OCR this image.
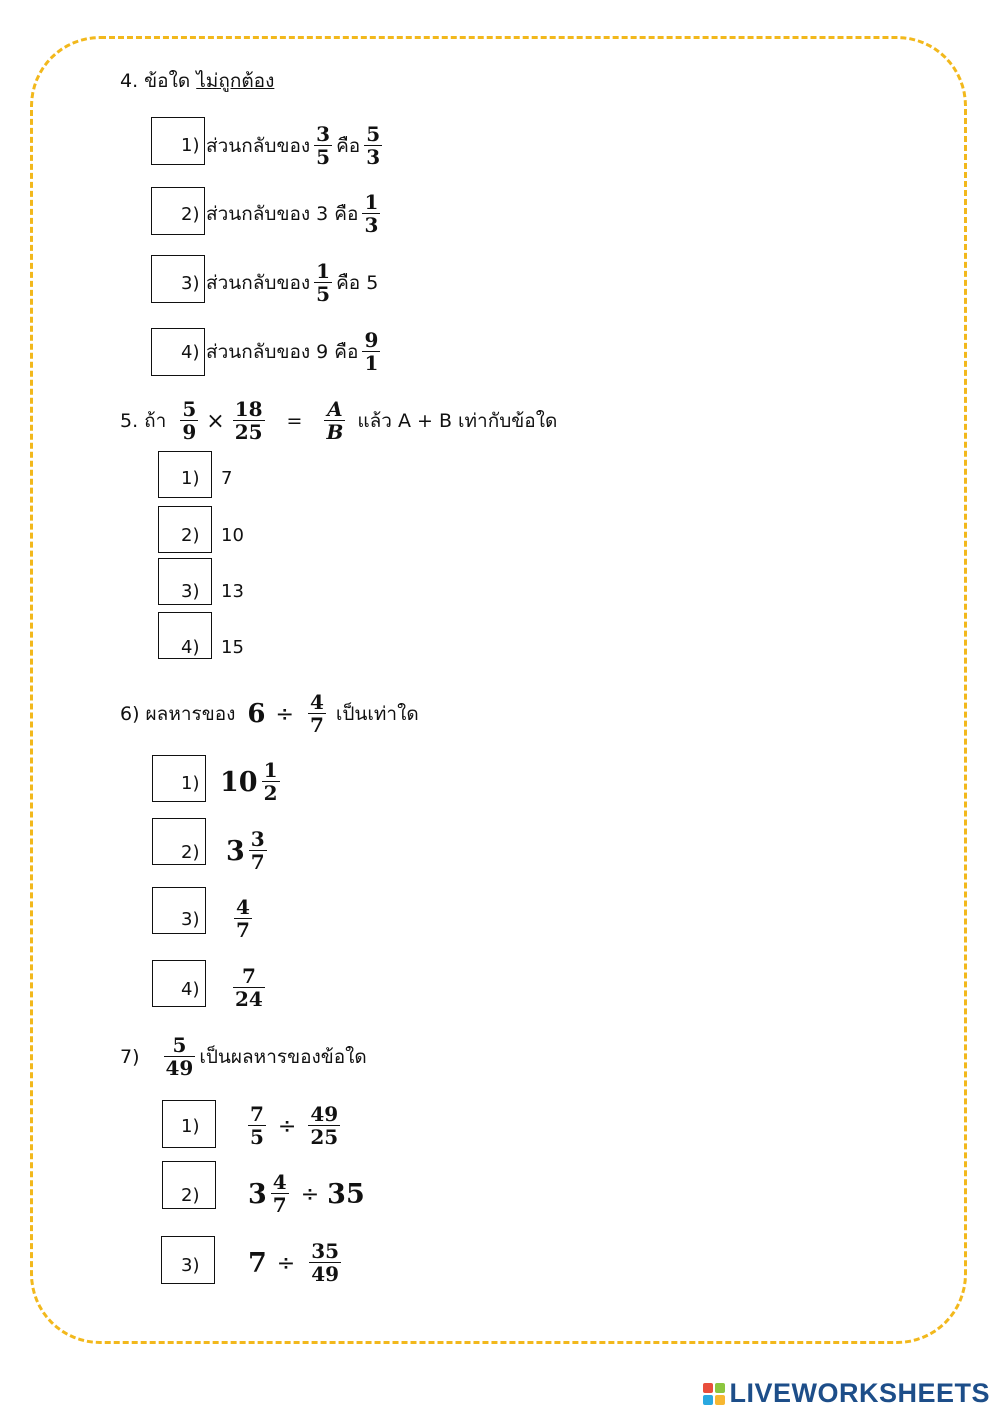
4. ข้อใด ไม่ถูกต้อง
1) ส่วนกลับของ $\frac{3}{5}$ คือ $\frac{5}{3}$
2) ส่วนกลับของ 3 คือ $\frac{1}{3}$
3) ส่วนกลับของ $\frac{1}{5}$ คือ 5
4) ส่วนกลับของ 9 คือ $\frac{9}{1}$
5. ถ้า $\frac{5}{9} \times \frac{18}{25} = \frac{A}{B}$ แล้ว A + B เท่ากับข้อใด
1) 7
2) 10
3) 13
4) 15
6) ผลหารของ $6 \div \frac{4}{7}$ เป็นเท่าใด
1) $10 \frac{1}{2}$
2) $3 \frac{3}{7}$
$3) \frac{4}{7}$
$4) \frac{7}{24}$
$7) \frac{5}{49}$ เป็นผลหารของข้อใด
$1) \frac{7}{5} \div \frac{49}{25}$
2) $3 \frac{4}{7} \div 35$
3) $7 \div \frac{35}{49}$
LIVEWORKSHEETS
